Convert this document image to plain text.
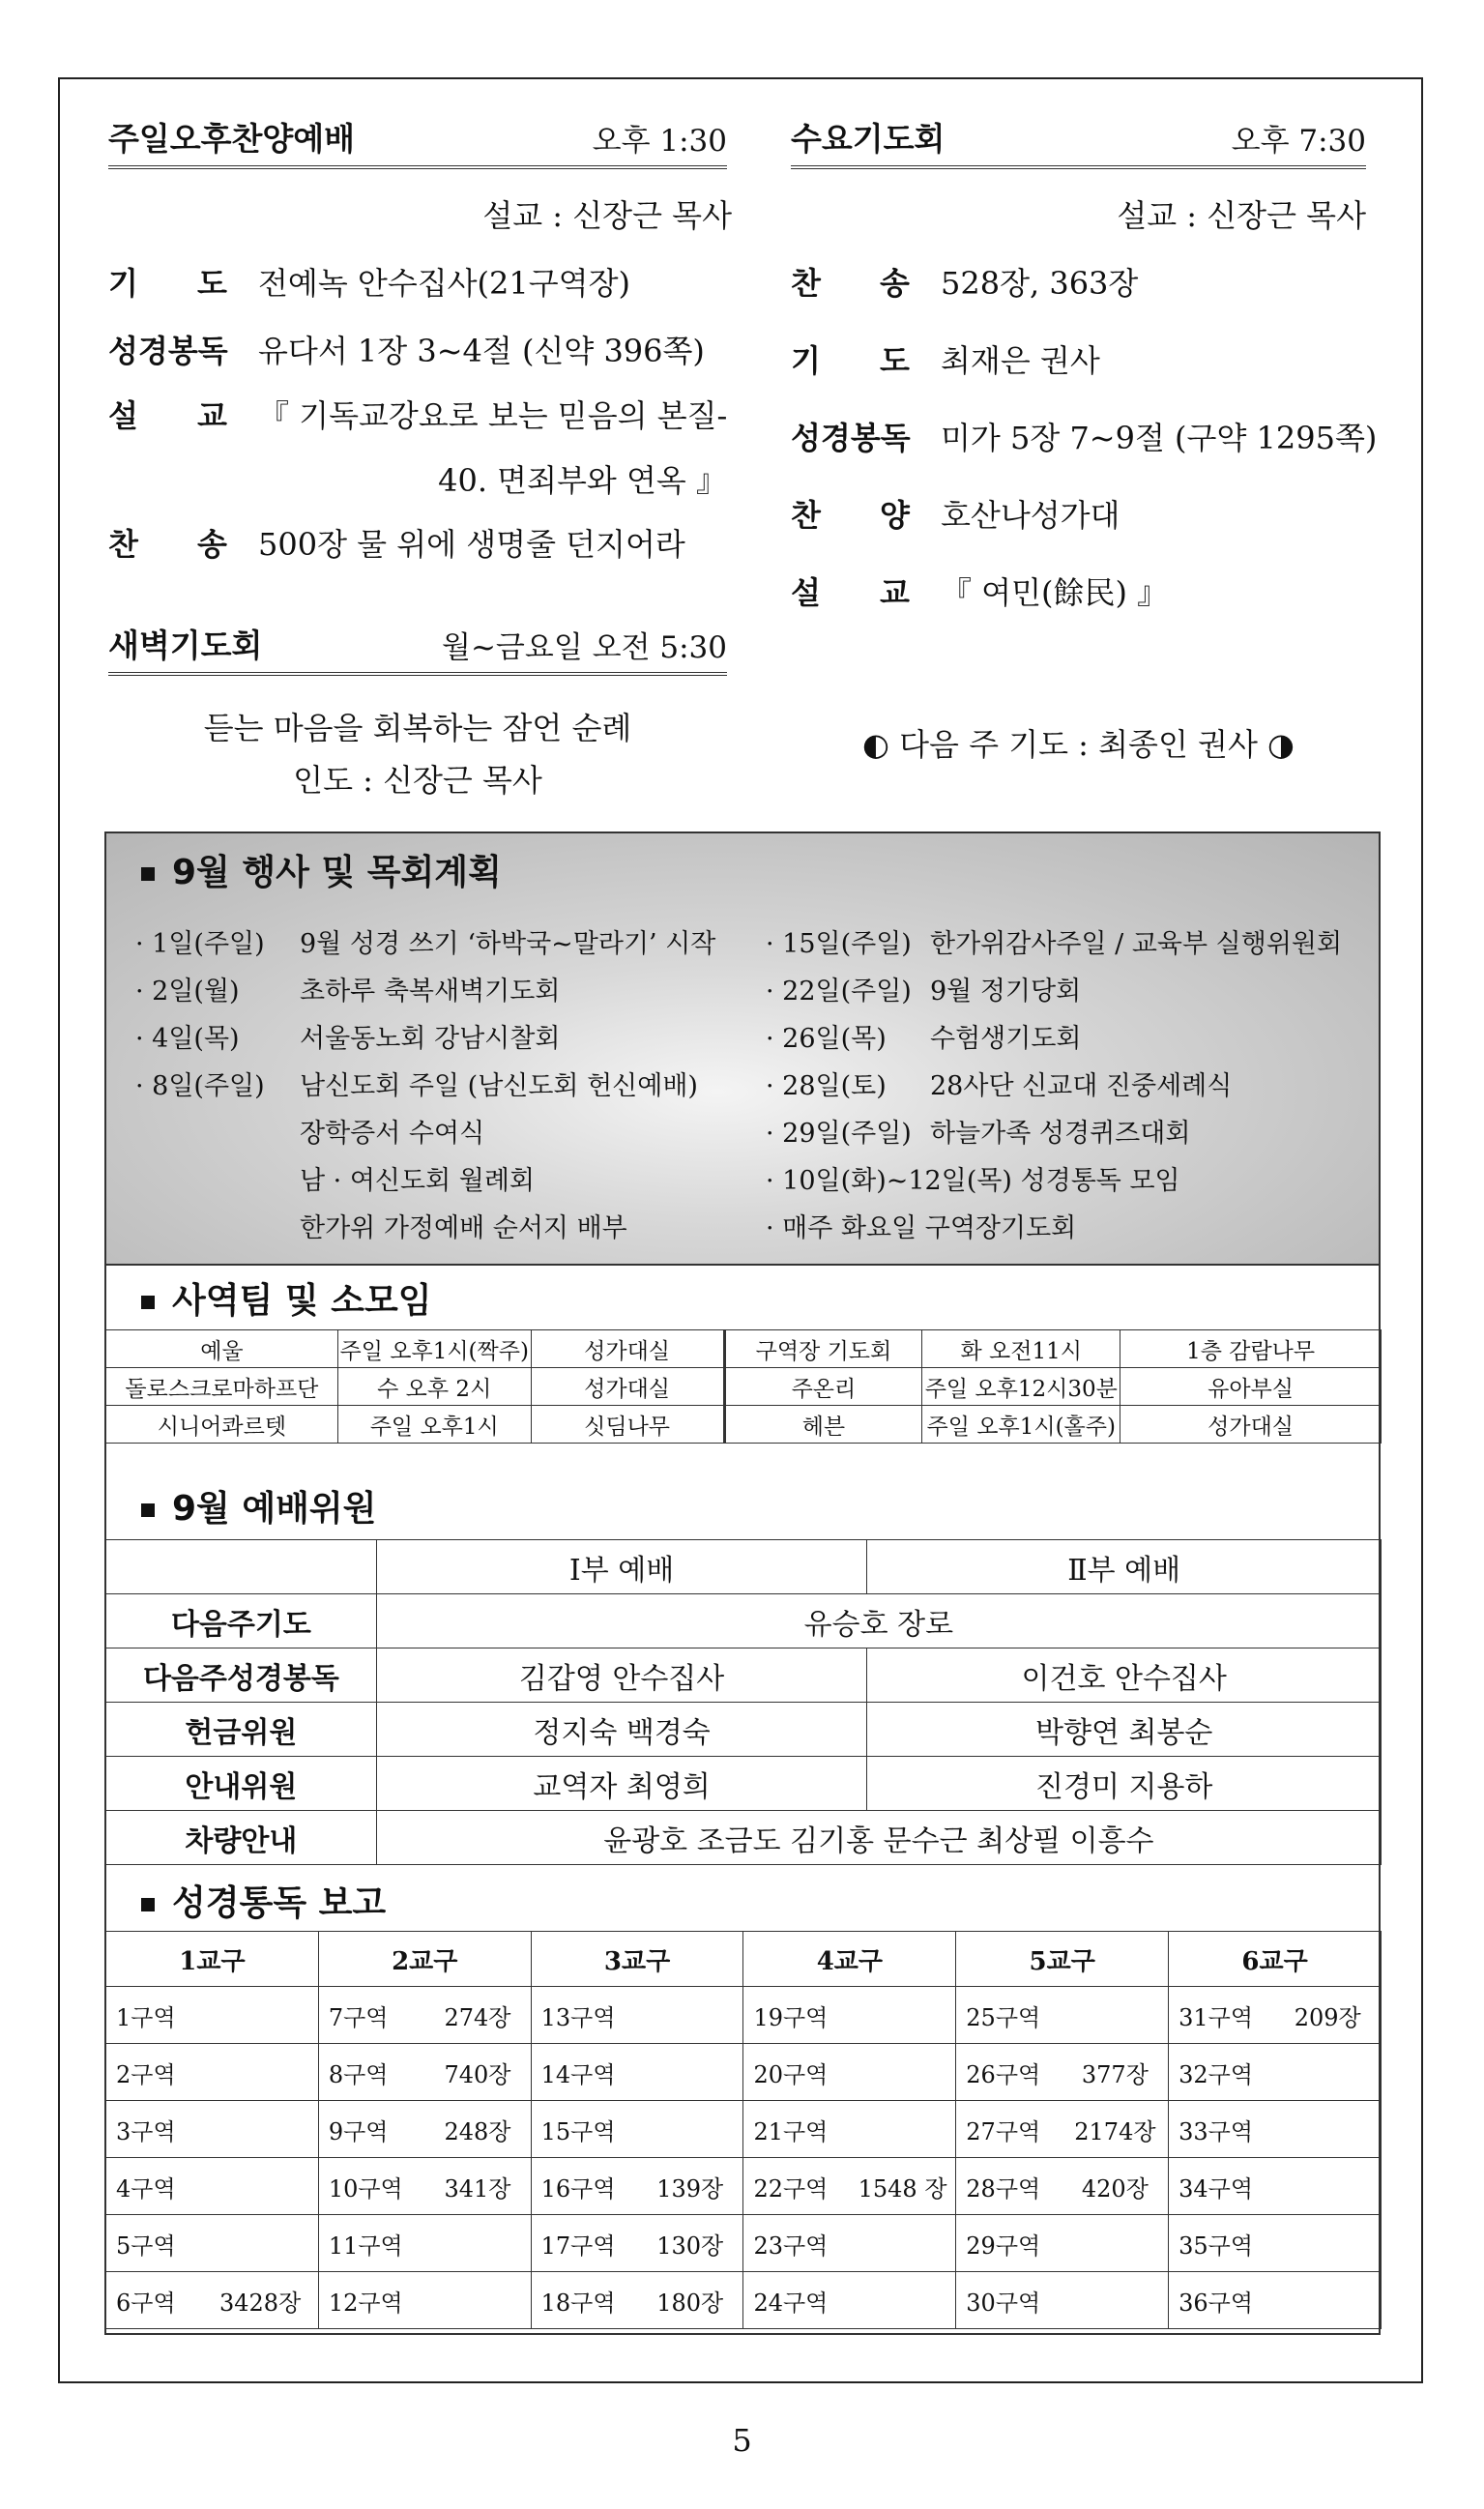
주일오후찬양예배	오후 1:30
설교 : 신장근 목사
기 도	전예녹 안수집사(21구역장)
성경봉독 유다서 1장 3~4절 (신약 396쪽)
설 교	『 기독교강요로 보는 믿음의 본질-
40. 면죄부와 연옥 』
찬 송	500장 물 위에 생명줄 던지어라
새벽기도회	월~금요일 오전 5:30
듣는 마음을 회복하는 잠언 순례
인도 : 신장근 목사
수요기도회	오후 7:30
설교 : 신장근 목사
찬 송	528장, 363장
기 도	최재은 권사
성경봉독 미가 5장 7~9절 (구약 1295쪽)
찬 양	호산나성가대
설 교	『 여민(餘民) 』
◐ 다음 주 기도 : 최종인 권사 ◑
9월 행사 및 목회계획
· 1일(주일) 9월 성경 쓰기 ‘하박국~말라기’ 시작
· 2일(월) 초하루 축복새벽기도회
· 4일(목) 서울동노회 강남시찰회
· 8일(주일) 남신도회 주일 (남신도회 헌신예배)
장학증서 수여식
남 · 여신도회 월례회
한가위 가정예배 순서지 배부
· 15일(주일) 한가위감사주일 / 교육부 실행위원회
· 22일(주일) 9월 정기당회
· 26일(목) 수험생기도회
· 28일(토) 28사단 신교대 진중세례식
· 29일(주일) 하늘가족 성경퀴즈대회
· 10일(화)~12일(목) 성경통독 모임
· 매주 화요일 구역장기도회
사역팀 및 소모임
예울	주일 오후1시(짝주)	성가대실	구역장 기도회	화 오전11시	1층 감람나무
돌로스크로마하프단	수 오후 2시	성가대실	주온리	주일 오후12시30분	유아부실
시니어콰르텟	주일 오후1시	싯딤나무	헤븐	주일 오후1시(홀주)	성가대실
9월 예배위원
	Ⅰ부 예배	Ⅱ부 예배
다음주기도	유승호 장로	
다음주성경봉독	김갑영 안수집사	이건호 안수집사
헌금위원	정지숙 백경숙	박향연 최봉순
안내위원	교역자 최영희	진경미 지용하
차량안내	윤광호 조금도 김기홍 문수근 최상필 이흥수	
성경통독 보고
1교구		2교구		3교구		4교구		5교구		6교구	
1구역		7구역	274장	13구역		19구역		25구역		31구역	209장
2구역		8구역	740장	14구역		20구역		26구역	377장	32구역	
3구역		9구역	248장	15구역		21구역		27구역	2174장	33구역	
4구역		10구역	341장	16구역	139장	22구역	1548 장	28구역	420장	34구역	
5구역		11구역		17구역	130장	23구역		29구역		35구역	
6구역	3428장	12구역		18구역	180장	24구역		30구역		36구역	
5
